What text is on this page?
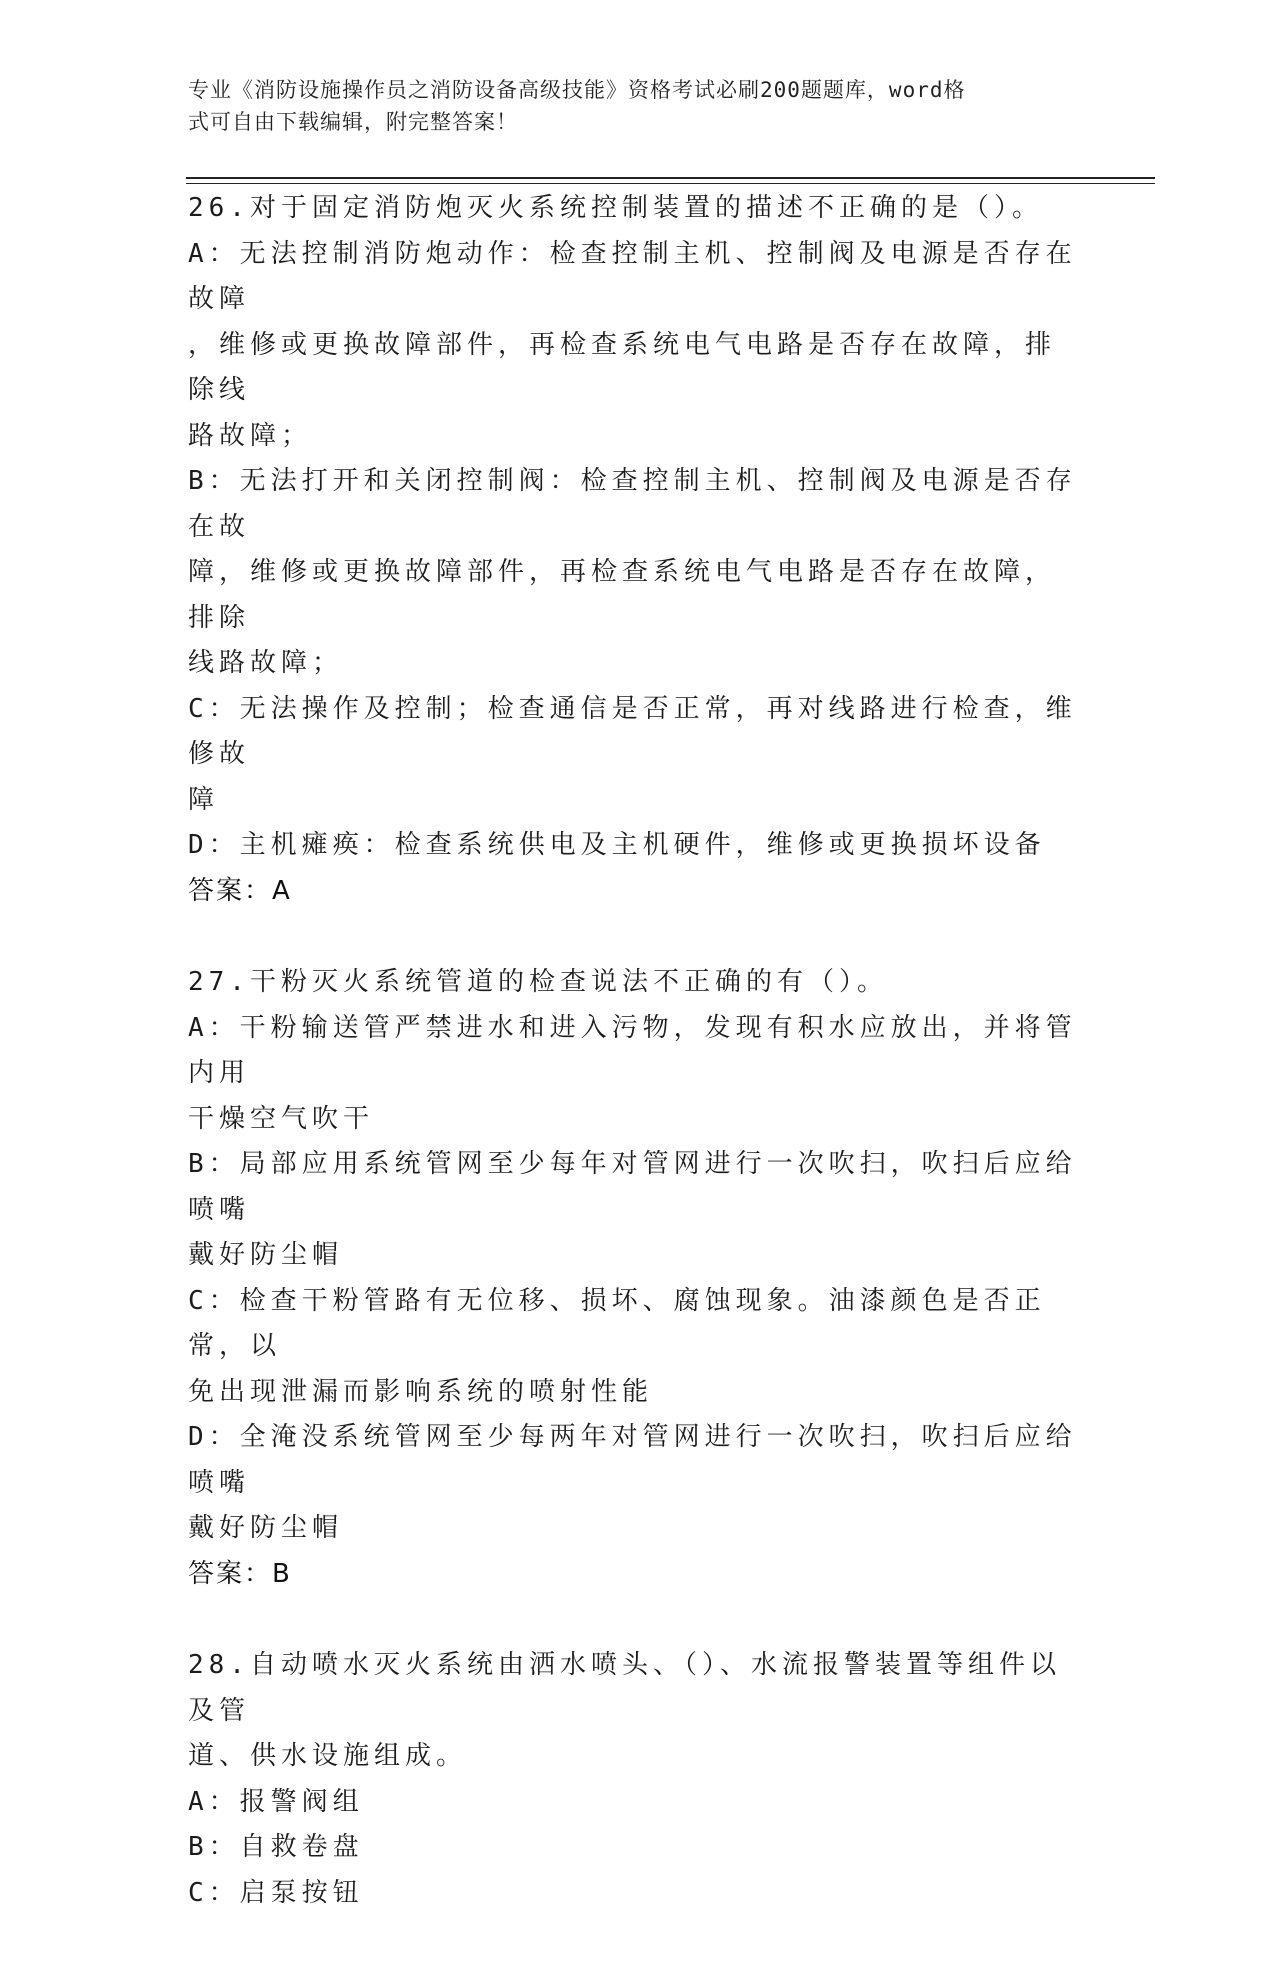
专业《消防设施操作员之消防设备高级技能》资格考试必刷200题题库，word格
式可自由下载编辑，附完整答案！
26.对于固定消防炮灭火系统控制装置的描述不正确的是（）。
A：无法控制消防炮动作：检查控制主机、控制阀及电源是否存在故障
，维修或更换故障部件，再检查系统电气电路是否存在故障，排除线
路故障；
B：无法打开和关闭控制阀：检查控制主机、控制阀及电源是否存在故
障，维修或更换故障部件，再检查系统电气电路是否存在故障，排除
线路故障；
C：无法操作及控制；检查通信是否正常，再对线路进行检查，维修故
障
D：主机瘫痪：检查系统供电及主机硬件，维修或更换损坏设备
答案：A
27.干粉灭火系统管道的检查说法不正确的有（）。
A：干粉输送管严禁进水和进入污物，发现有积水应放出，并将管内用
干燥空气吹干
B：局部应用系统管网至少每年对管网进行一次吹扫，吹扫后应给喷嘴
戴好防尘帽
C：检查干粉管路有无位移、损坏、腐蚀现象。油漆颜色是否正常，以
免出现泄漏而影响系统的喷射性能
D：全淹没系统管网至少每两年对管网进行一次吹扫，吹扫后应给喷嘴
戴好防尘帽
答案：B
28.自动喷水灭火系统由洒水喷头、（）、水流报警装置等组件以及管
道、供水设施组成。
A：报警阀组
B：自救卷盘
C：启泵按钮
